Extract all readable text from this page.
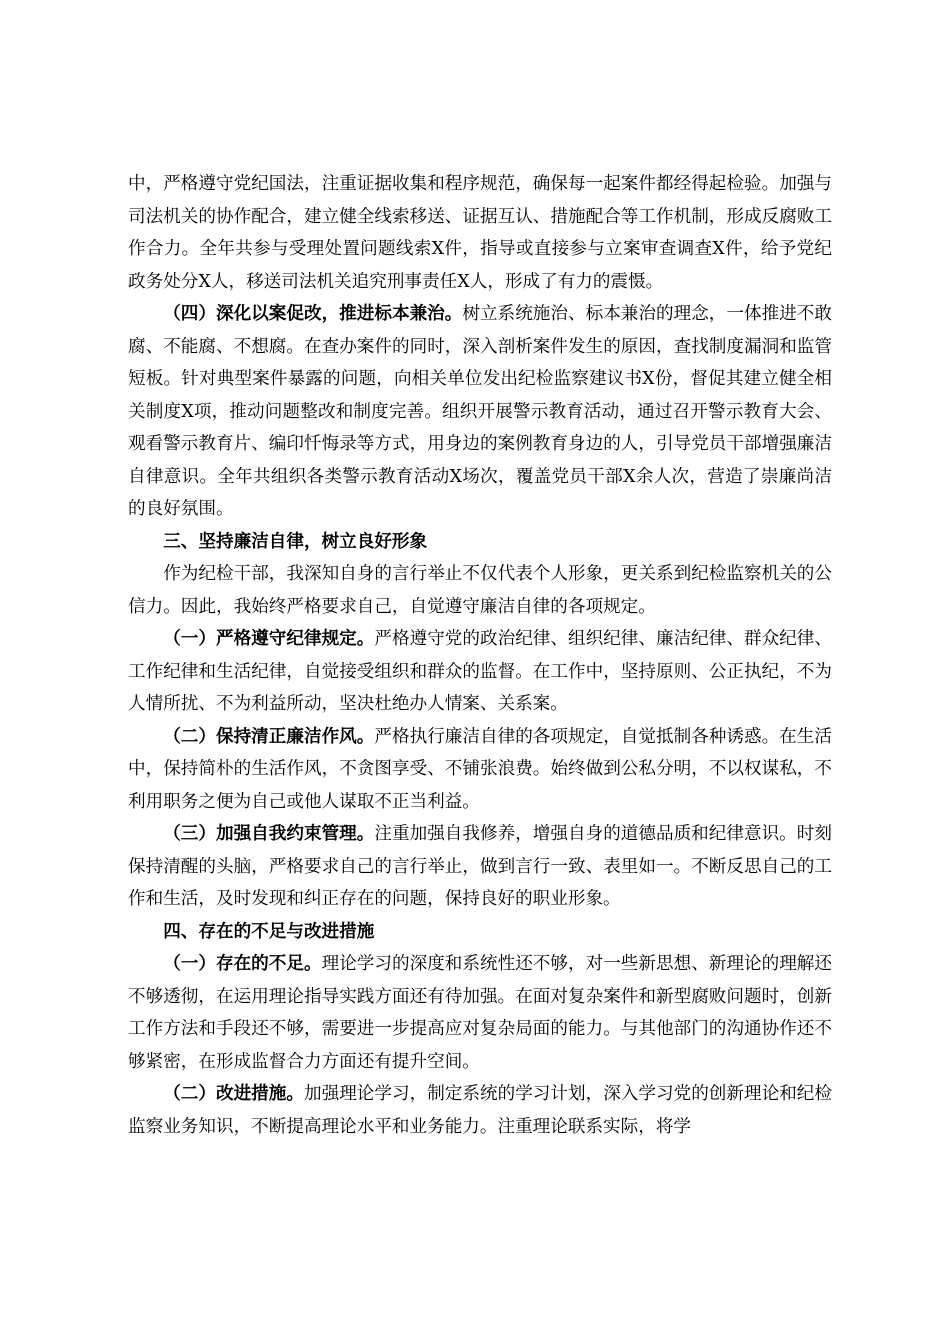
中，严格遵守党纪国法，注重证据收集和程序规范，确保每一起案件都经得起检验。加强与司法机关的协作配合，建立健全线索移送、证据互认、措施配合等工作机制，形成反腐败工作合力。全年共参与受理处置问题线索X件，指导或直接参与立案审查调查X件，给予党纪政务处分X人，移送司法机关追究刑事责任X人，形成了有力的震慑。

（四）深化以案促改，推进标本兼治。树立系统施治、标本兼治的理念，一体推进不敢腐、不能腐、不想腐。在查办案件的同时，深入剖析案件发生的原因，查找制度漏洞和监管短板。针对典型案件暴露的问题，向相关单位发出纪检监察建议书X份，督促其建立健全相关制度X项，推动问题整改和制度完善。组织开展警示教育活动，通过召开警示教育大会、观看警示教育片、编印忏悔录等方式，用身边的案例教育身边的人，引导党员干部增强廉洁自律意识。全年共组织各类警示教育活动X场次，覆盖党员干部X余人次，营造了崇廉尚洁的良好氛围。

三、坚持廉洁自律，树立良好形象

作为纪检干部，我深知自身的言行举止不仅代表个人形象，更关系到纪检监察机关的公信力。因此，我始终严格要求自己，自觉遵守廉洁自律的各项规定。

（一）严格遵守纪律规定。严格遵守党的政治纪律、组织纪律、廉洁纪律、群众纪律、工作纪律和生活纪律，自觉接受组织和群众的监督。在工作中，坚持原则、公正执纪，不为人情所扰、不为利益所动，坚决杜绝办人情案、关系案。

（二）保持清正廉洁作风。严格执行廉洁自律的各项规定，自觉抵制各种诱惑。在生活中，保持简朴的生活作风，不贪图享受、不铺张浪费。始终做到公私分明，不以权谋私，不利用职务之便为自己或他人谋取不正当利益。

（三）加强自我约束管理。注重加强自我修养，增强自身的道德品质和纪律意识。时刻保持清醒的头脑，严格要求自己的言行举止，做到言行一致、表里如一。不断反思自己的工作和生活，及时发现和纠正存在的问题，保持良好的职业形象。

四、存在的不足与改进措施

（一）存在的不足。理论学习的深度和系统性还不够，对一些新思想、新理论的理解还不够透彻，在运用理论指导实践方面还有待加强。在面对复杂案件和新型腐败问题时，创新工作方法和手段还不够，需要进一步提高应对复杂局面的能力。与其他部门的沟通协作还不够紧密，在形成监督合力方面还有提升空间。

（二）改进措施。加强理论学习，制定系统的学习计划，深入学习党的创新理论和纪检监察业务知识，不断提高理论水平和业务能力。注重理论联系实际，将学
